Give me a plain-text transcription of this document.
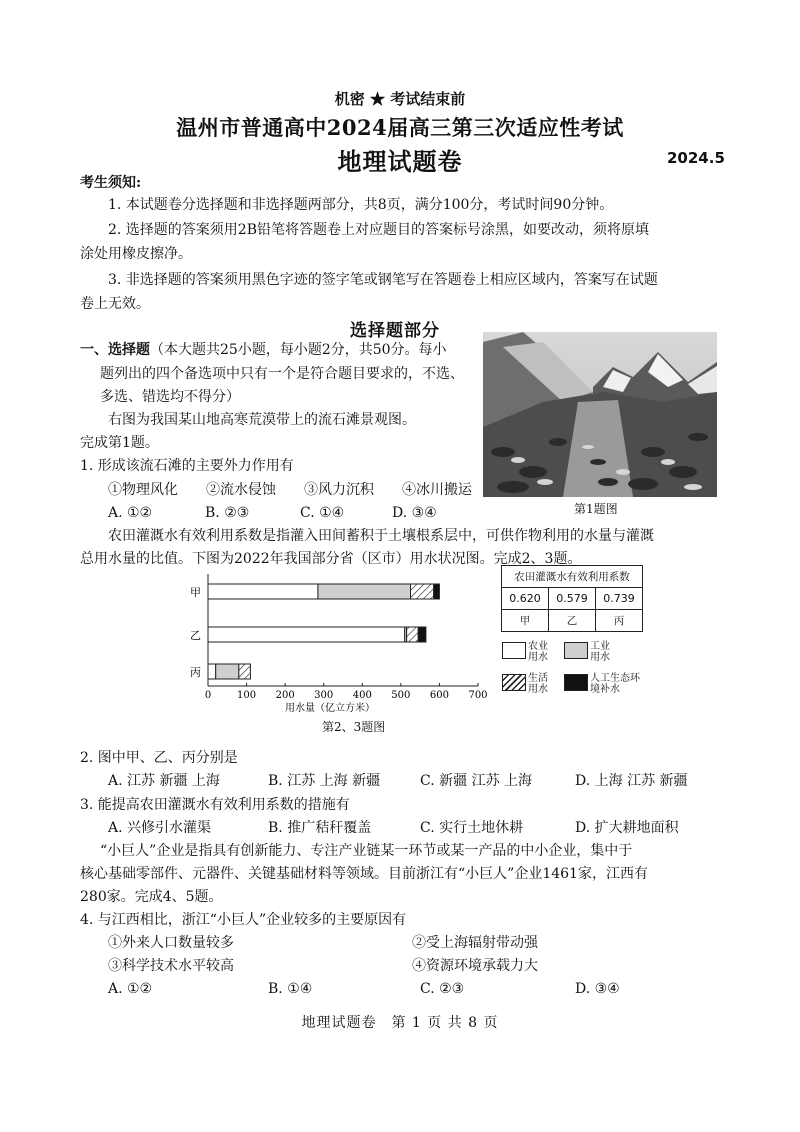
机密 ★ 考试结束前
温州市普通高中2024届高三第三次适应性考试
地理试题卷	2024.5
考生须知:
1. 本试题卷分选择题和非选择题两部分，共8页，满分100分，考试时间90分钟。
2. 选择题的答案须用2B铅笔将答题卷上对应题目的答案标号涂黑，如要改动，须将原填
涂处用橡皮擦净。
3. 非选择题的答案须用黑色字迹的签字笔或钢笔写在答题卷上相应区域内，答案写在试题
卷上无效。
选择题部分
一、选择题（本大题共25小题，每小题2分，共50分。每小
题列出的四个备选项中只有一个是符合题目要求的，不选、
多选、错选均不得分）
右图为我国某山地高寒荒漠带上的流石滩景观图。
完成第1题。
第1题图
1. 形成该流石滩的主要外力作用有
①物理风化　　②流水侵蚀　　③风力沉积　　④冰川搬运
A. ①②	B. ②③	C. ①④	D. ③④
农田灌溉水有效利用系数是指灌入田间蓄积于土壤根系层中，可供作物利用的水量与灌溉
总用水量的比值。下图为2022年我国部分省（区市）用水状况图。完成2、3题。
甲
乙
丙
0	100 200 300 400 500 600 700
用水量（亿立方米）
第2、3题图
农田灌溉水有效利用系数		
0.620	0.579	0.739
甲	乙	丙
农业用水
工业用水
生活用水
人工生态环境补水
2. 图中甲、乙、丙分别是
A. 江苏 新疆 上海	B. 江苏 上海 新疆	C. 新疆 江苏 上海	D. 上海 江苏 新疆
3. 能提高农田灌溉水有效利用系数的措施有
A. 兴修引水灌渠	B. 推广秸秆覆盖	C. 实行土地休耕	D. 扩大耕地面积
“小巨人”企业是指具有创新能力、专注产业链某一环节或某一产品的中小企业，集中于
核心基础零部件、元器件、关键基础材料等领域。目前浙江有“小巨人”企业1461家，江西有
280家。完成4、5题。
4. 与江西相比，浙江“小巨人”企业较多的主要原因有
①外来人口数量较多	②受上海辐射带动强
③科学技术水平较高	④资源环境承载力大
A. ①②	B. ①④	C. ②③	D. ③④
地理试题卷　第 1 页 共 8 页
